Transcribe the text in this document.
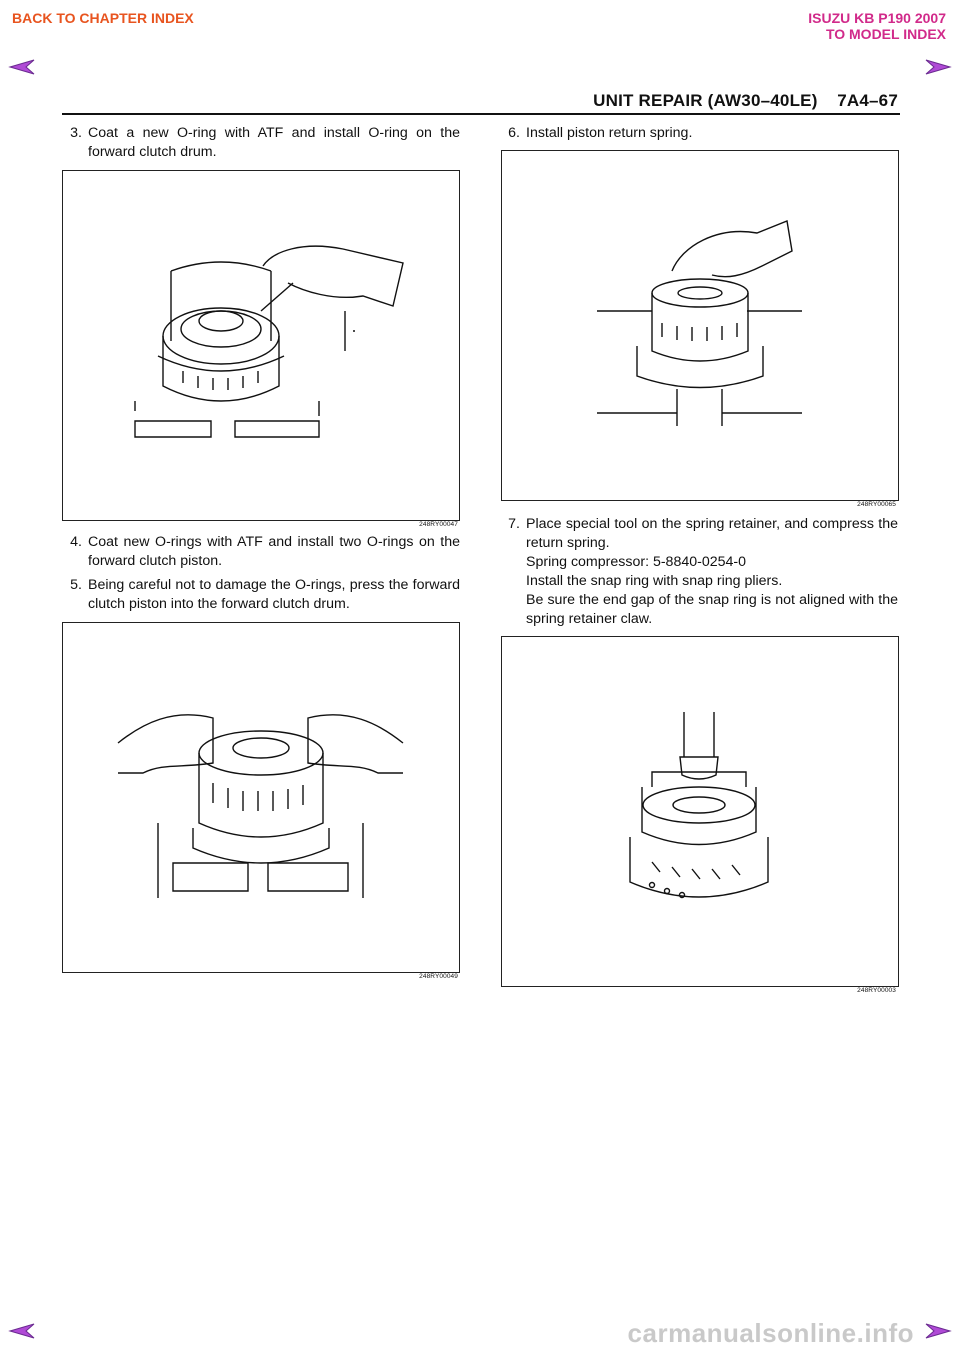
BACK TO CHAPTER INDEX	ISUZU KB P190 2007
TO MODEL INDEX
UNIT REPAIR (AW30–40LE)    7A4–67
3. Coat a new O-ring with ATF and install O-ring on the forward clutch drum.
248RY00047
4. Coat new O-rings with ATF and install two O-rings on the forward clutch piston.
5. Being careful not to damage the O-rings, press the forward clutch piston into the forward clutch drum.
248RY00049
6. Install piston return spring.
248RY00065
7. Place special tool on the spring retainer, and compress the return spring.
Spring compressor: 5-8840-0254-0
Install the snap ring with snap ring pliers.
Be sure the end gap of the snap ring is not aligned with the spring retainer claw.
248RY00003
carmanualsonline.info
